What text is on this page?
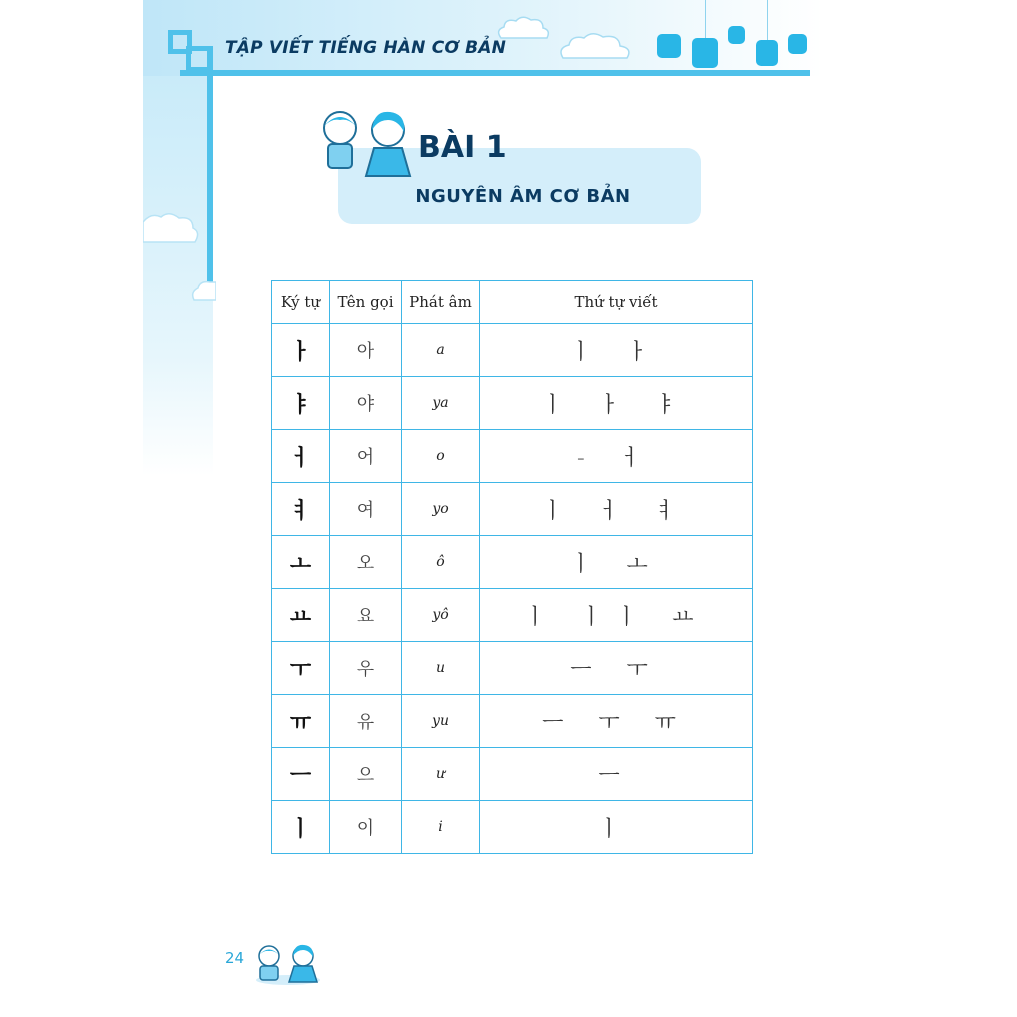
TẬP VIẾT TIẾNG HÀN CƠ BẢN
BÀI 1
NGUYÊN ÂM CƠ BẢN
Ký tự	Tên gọi	Phát âm	Thứ tự viết
ㅏ	아	a	ㅣ ㅏ
ㅑ	야	ya	ㅣ ㅏ ㅑ
ㅓ	어	o	- ㅓ
ㅕ	여	yo	ㅣ ㅓ ㅕ
ㅗ	오	ô	ㅣ ㅗ
ㅛ	요	yô	ㅣ ㅣㅣ ㅛ
ㅜ	우	u	ㅡ ㅜ
ㅠ	유	yu	ㅡ ㅜ ㅠ
ㅡ	으	ư	ㅡ
ㅣ	이	i	ㅣ
24
